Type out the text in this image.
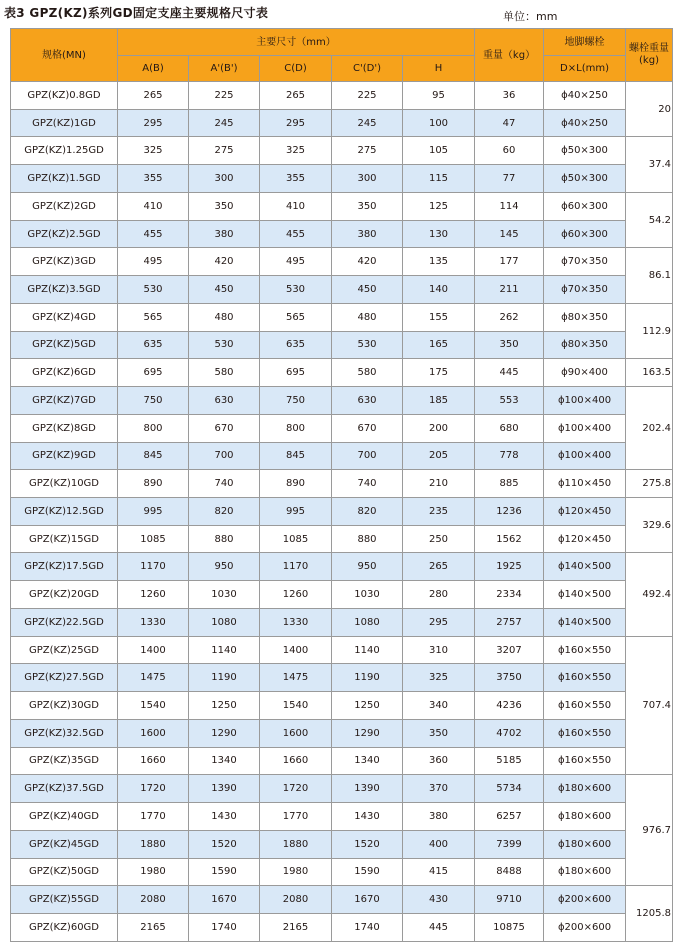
表3 GPZ(KZ)系列GD固定支座主要规格尺寸表	单位：mm
规格(MN)	主要尺寸（mm）					重量（kg）	地脚螺栓	螺栓重量(kg)
	A(B)	A'(B')	C(D)	C'(D')	H		D×L(mm)	
GPZ(KZ)0.8GD	265	225	265	225	95	36	ϕ40×250	20
GPZ(KZ)1GD	295	245	295	245	100	47	ϕ40×250	
GPZ(KZ)1.25GD	325	275	325	275	105	60	ϕ50×300	37.4
GPZ(KZ)1.5GD	355	300	355	300	115	77	ϕ50×300	
GPZ(KZ)2GD	410	350	410	350	125	114	ϕ60×300	54.2
GPZ(KZ)2.5GD	455	380	455	380	130	145	ϕ60×300	
GPZ(KZ)3GD	495	420	495	420	135	177	ϕ70×350	86.1
GPZ(KZ)3.5GD	530	450	530	450	140	211	ϕ70×350	
GPZ(KZ)4GD	565	480	565	480	155	262	ϕ80×350	112.9
GPZ(KZ)5GD	635	530	635	530	165	350	ϕ80×350	
GPZ(KZ)6GD	695	580	695	580	175	445	ϕ90×400	163.5
GPZ(KZ)7GD	750	630	750	630	185	553	ϕ100×400	202.4
GPZ(KZ)8GD	800	670	800	670	200	680	ϕ100×400	
GPZ(KZ)9GD	845	700	845	700	205	778	ϕ100×400	
GPZ(KZ)10GD	890	740	890	740	210	885	ϕ110×450	275.8
GPZ(KZ)12.5GD	995	820	995	820	235	1236	ϕ120×450	329.6
GPZ(KZ)15GD	1085	880	1085	880	250	1562	ϕ120×450	
GPZ(KZ)17.5GD	1170	950	1170	950	265	1925	ϕ140×500	492.4
GPZ(KZ)20GD	1260	1030	1260	1030	280	2334	ϕ140×500	
GPZ(KZ)22.5GD	1330	1080	1330	1080	295	2757	ϕ140×500	
GPZ(KZ)25GD	1400	1140	1400	1140	310	3207	ϕ160×550	707.4
GPZ(KZ)27.5GD	1475	1190	1475	1190	325	3750	ϕ160×550	
GPZ(KZ)30GD	1540	1250	1540	1250	340	4236	ϕ160×550	
GPZ(KZ)32.5GD	1600	1290	1600	1290	350	4702	ϕ160×550	
GPZ(KZ)35GD	1660	1340	1660	1340	360	5185	ϕ160×550	
GPZ(KZ)37.5GD	1720	1390	1720	1390	370	5734	ϕ180×600	976.7
GPZ(KZ)40GD	1770	1430	1770	1430	380	6257	ϕ180×600	
GPZ(KZ)45GD	1880	1520	1880	1520	400	7399	ϕ180×600	
GPZ(KZ)50GD	1980	1590	1980	1590	415	8488	ϕ180×600	
GPZ(KZ)55GD	2080	1670	2080	1670	430	9710	ϕ200×600	1205.8
GPZ(KZ)60GD	2165	1740	2165	1740	445	10875	ϕ200×600	
